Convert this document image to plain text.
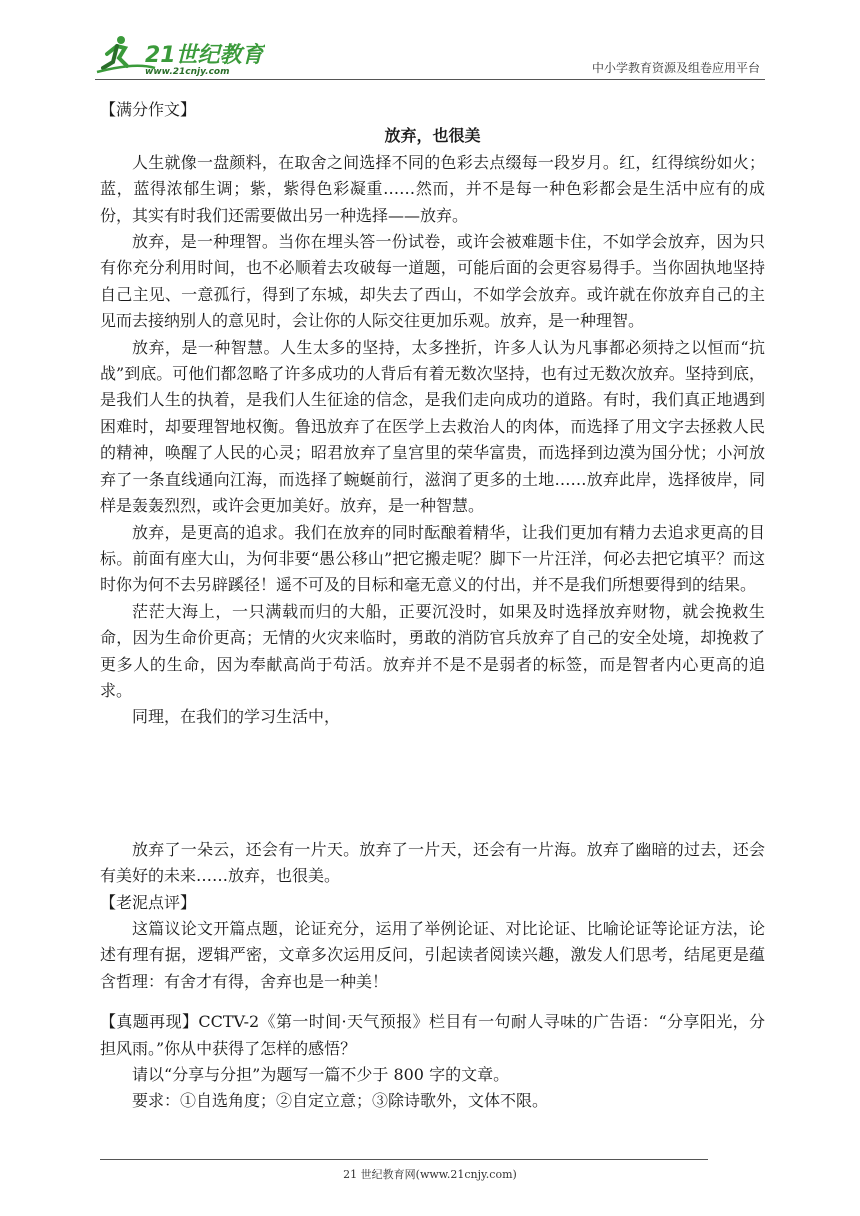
21世纪教育
www.21cnjy.com	中小学教育资源及组卷应用平台

【满分作文】

放弃，也很美

人生就像一盘颜料，在取舍之间选择不同的色彩去点缀每一段岁月。红，红得缤纷如火；蓝，蓝得浓郁生调；紫，紫得色彩凝重……然而，并不是每一种色彩都会是生活中应有的成份，其实有时我们还需要做出另一种选择——放弃。

放弃，是一种理智。当你在埋头答一份试卷，或许会被难题卡住，不如学会放弃，因为只有你充分利用时间，也不必顺着去攻破每一道题，可能后面的会更容易得手。当你固执地坚持自己主见、一意孤行，得到了东城，却失去了西山，不如学会放弃。或许就在你放弃自己的主见而去接纳别人的意见时，会让你的人际交往更加乐观。放弃，是一种理智。

放弃，是一种智慧。人生太多的坚持，太多挫折，许多人认为凡事都必须持之以恒而“抗战”到底。可他们都忽略了许多成功的人背后有着无数次坚持，也有过无数次放弃。坚持到底，是我们人生的执着，是我们人生征途的信念，是我们走向成功的道路。有时，我们真正地遇到困难时，却要理智地权衡。鲁迅放弃了在医学上去救治人的肉体，而选择了用文字去拯救人民的精神，唤醒了人民的心灵；昭君放弃了皇宫里的荣华富贵，而选择到边漠为国分忧；小河放弃了一条直线通向江海，而选择了蜿蜒前行，滋润了更多的土地……放弃此岸，选择彼岸，同样是轰轰烈烈，或许会更加美好。放弃，是一种智慧。

放弃，是更高的追求。我们在放弃的同时酝酿着精华，让我们更加有精力去追求更高的目标。前面有座大山，为何非要“愚公移山”把它搬走呢？脚下一片汪洋，何必去把它填平？而这时你为何不去另辟蹊径！遥不可及的目标和毫无意义的付出，并不是我们所想要得到的结果。

茫茫大海上，一只满载而归的大船，正要沉没时，如果及时选择放弃财物，就会挽救生命，因为生命价更高；无情的火灾来临时，勇敢的消防官兵放弃了自己的安全处境，却挽救了更多人的生命，因为奉献高尚于苟活。放弃并不是不是弱者的标签，而是智者内心更高的追求。

同理，在我们的学习生活中，

放弃了一朵云，还会有一片天。放弃了一片天，还会有一片海。放弃了幽暗的过去，还会有美好的未来……放弃，也很美。

【老泥点评】

这篇议论文开篇点题，论证充分，运用了举例论证、对比论证、比喻论证等论证方法，论述有理有据，逻辑严密，文章多次运用反问，引起读者阅读兴趣，激发人们思考，结尾更是蕴含哲理：有舍才有得，舍弃也是一种美！

【真题再现】CCTV-2《第一时间·天气预报》栏目有一句耐人寻味的广告语：“分享阳光，分担风雨。”你从中获得了怎样的感悟？

请以“分享与分担”为题写一篇不少于 800 字的文章。

要求：①自选角度；②自定立意；③除诗歌外，文体不限。

21 世纪教育网(www.21cnjy.com)
